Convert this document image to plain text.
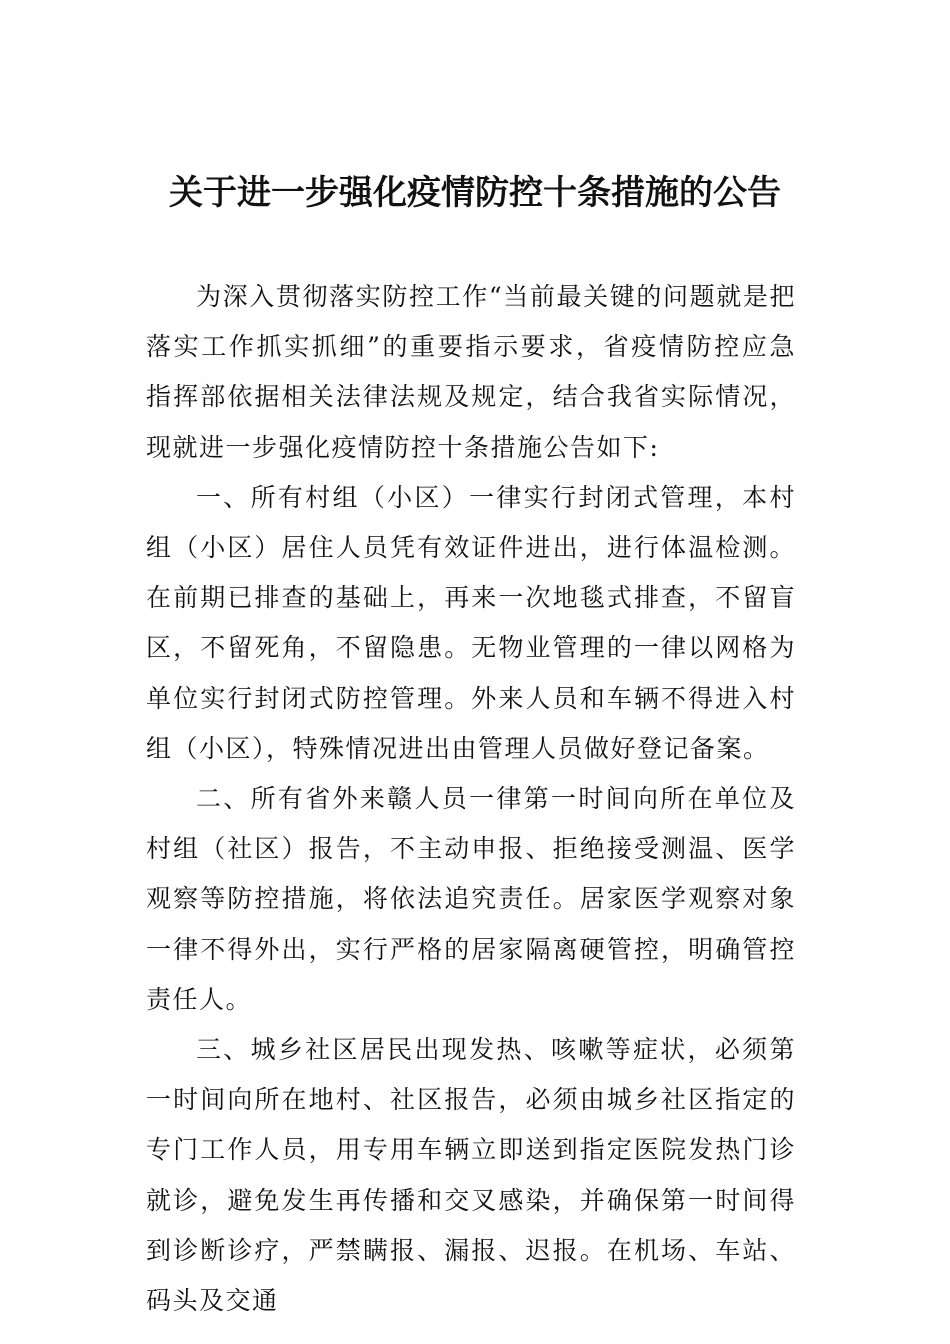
关于进一步强化疫情防控十条措施的公告

为深入贯彻落实防控工作“当前最关键的问题就是把落实工作抓实抓细”的重要指示要求，省疫情防控应急指挥部依据相关法律法规及规定，结合我省实际情况，现就进一步强化疫情防控十条措施公告如下:

一、所有村组（小区）一律实行封闭式管理，本村组（小区）居住人员凭有效证件进出，进行体温检测。在前期已排查的基础上，再来一次地毯式排查，不留盲区，不留死角，不留隐患。无物业管理的一律以网格为单位实行封闭式防控管理。外来人员和车辆不得进入村组（小区），特殊情况进出由管理人员做好登记备案。

二、所有省外来赣人员一律第一时间向所在单位及村组（社区）报告，不主动申报、拒绝接受测温、医学观察等防控措施，将依法追究责任。居家医学观察对象一律不得外出，实行严格的居家隔离硬管控，明确管控责任人。

三、城乡社区居民出现发热、咳嗽等症状，必须第一时间向所在地村、社区报告，必须由城乡社区指定的专门工作人员，用专用车辆立即送到指定医院发热门诊就诊，避免发生再传播和交叉感染，并确保第一时间得到诊断诊疗，严禁瞒报、漏报、迟报。在机场、车站、码头及交通
